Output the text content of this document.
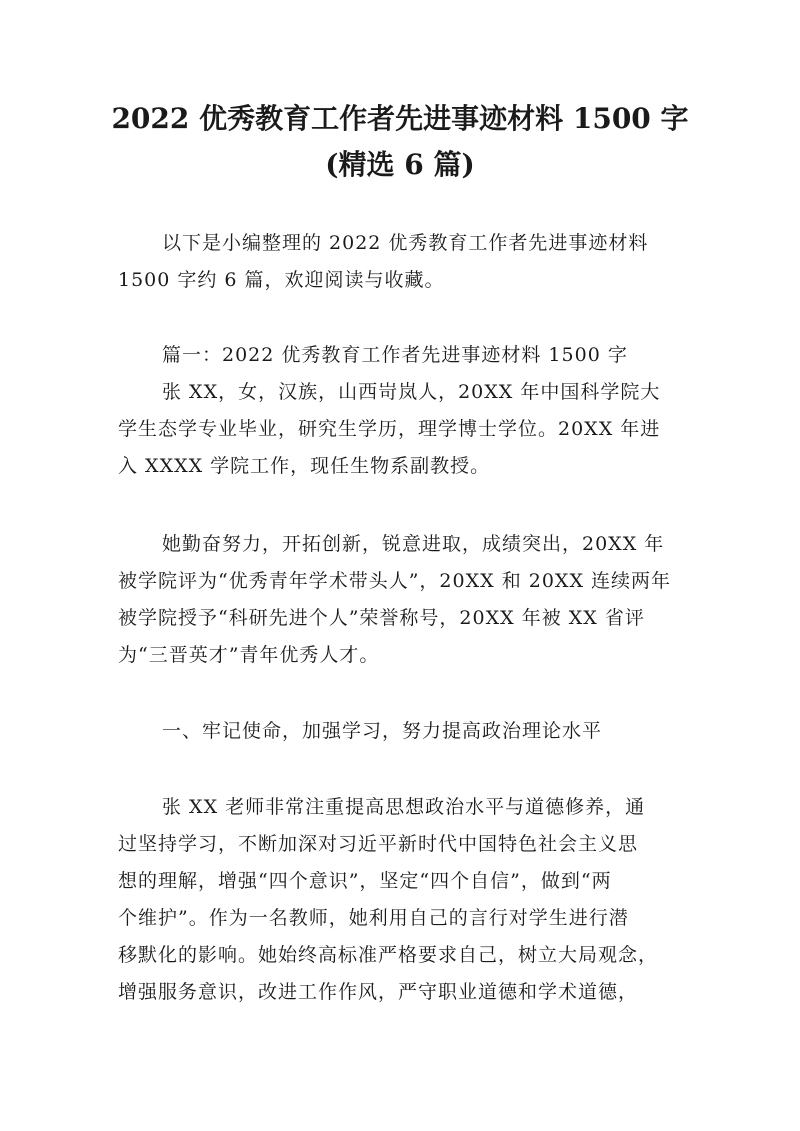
2022 优秀教育工作者先进事迹材料 1500 字
(精选 6 篇)
以下是小编整理的 2022 优秀教育工作者先进事迹材料
1500 字约 6 篇，欢迎阅读与收藏。
篇一：2022 优秀教育工作者先进事迹材料 1500 字
张 XX，女，汉族，山西岢岚人，20XX 年中国科学院大
学生态学专业毕业，研究生学历，理学博士学位。20XX 年进
入 XXXX 学院工作，现任生物系副教授。
她勤奋努力，开拓创新，锐意进取，成绩突出，20XX 年
被学院评为“优秀青年学术带头人”，20XX 和 20XX 连续两年
被学院授予“科研先进个人”荣誉称号，20XX 年被 XX 省评
为“三晋英才”青年优秀人才。
一、牢记使命，加强学习，努力提高政治理论水平
张 XX 老师非常注重提高思想政治水平与道德修养，通
过坚持学习，不断加深对习近平新时代中国特色社会主义思
想的理解，增强“四个意识”，坚定“四个自信”，做到“两
个维护”。作为一名教师，她利用自己的言行对学生进行潜
移默化的影响。她始终高标准严格要求自己，树立大局观念，
增强服务意识，改进工作作风，严守职业道德和学术道德，
